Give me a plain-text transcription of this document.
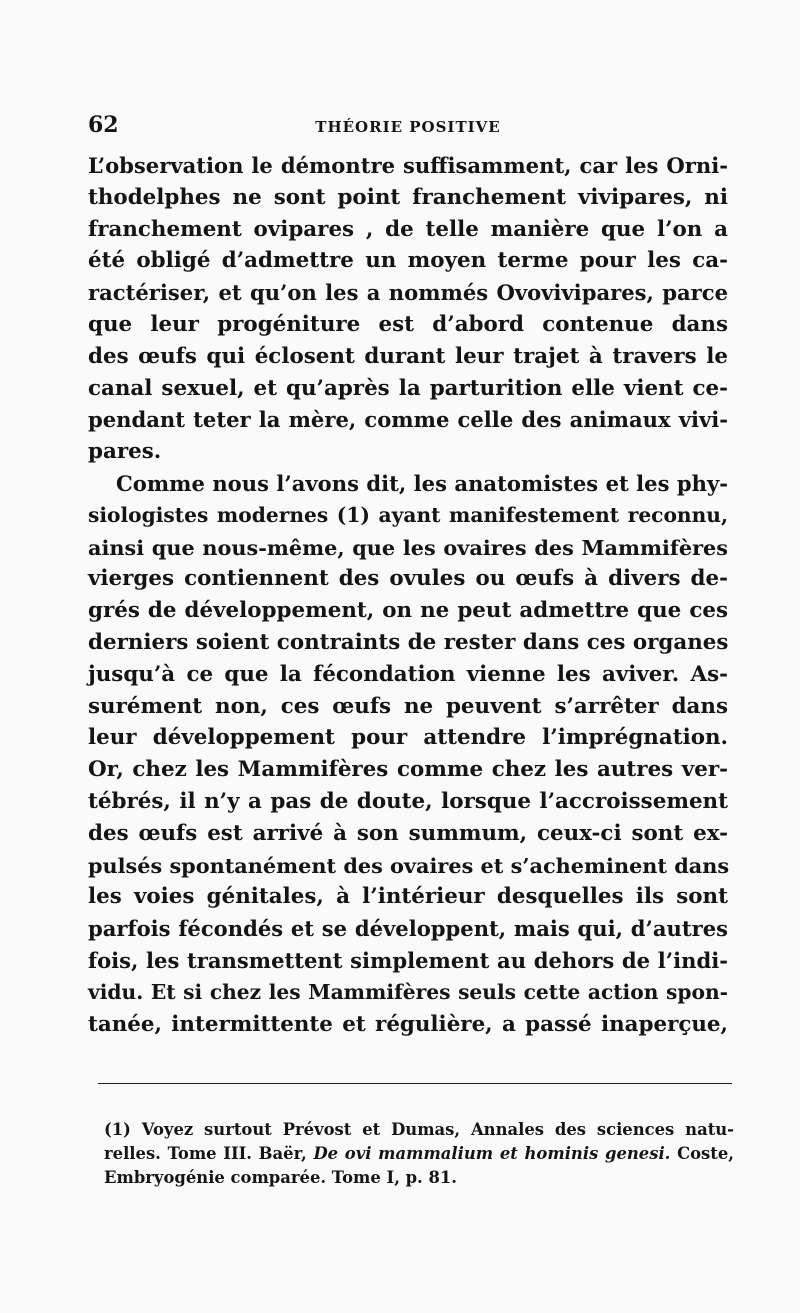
62	THÉORIE POSITIVE
L’observation le démontre suffisamment, car les Orni-
thodelphes ne sont point franchement vivipares, ni
franchement ovipares , de telle manière que l’on a
été obligé d’admettre un moyen terme pour les ca-
ractériser, et qu’on les a nommés Ovovivipares, parce
que leur progéniture est d’abord contenue dans
des œufs qui éclosent durant leur trajet à travers le
canal sexuel, et qu’après la parturition elle vient ce-
pendant teter la mère, comme celle des animaux vivi-
pares.
Comme nous l’avons dit, les anatomistes et les phy-
siologistes modernes (1) ayant manifestement reconnu,
ainsi que nous-même, que les ovaires des Mammifères
vierges contiennent des ovules ou œufs à divers de-
grés de développement, on ne peut admettre que ces
derniers soient contraints de rester dans ces organes
jusqu’à ce que la fécondation vienne les aviver. As-
surément non, ces œufs ne peuvent s’arrêter dans
leur développement pour attendre l’imprégnation.
Or, chez les Mammifères comme chez les autres ver-
tébrés, il n’y a pas de doute, lorsque l’accroissement
des œufs est arrivé à son summum, ceux-ci sont ex-
pulsés spontanément des ovaires et s’acheminent dans
les voies génitales, à l’intérieur desquelles ils sont
parfois fécondés et se développent, mais qui, d’autres
fois, les transmettent simplement au dehors de l’indi-
vidu. Et si chez les Mammifères seuls cette action spon-
tanée, intermittente et régulière, a passé inaperçue,
(1) Voyez surtout Prévost et Dumas, Annales des sciences natu-
relles. Tome III. Baër, De ovi mammalium et hominis genesi. Coste,
Embryogénie comparée. Tome I, p. 81.
